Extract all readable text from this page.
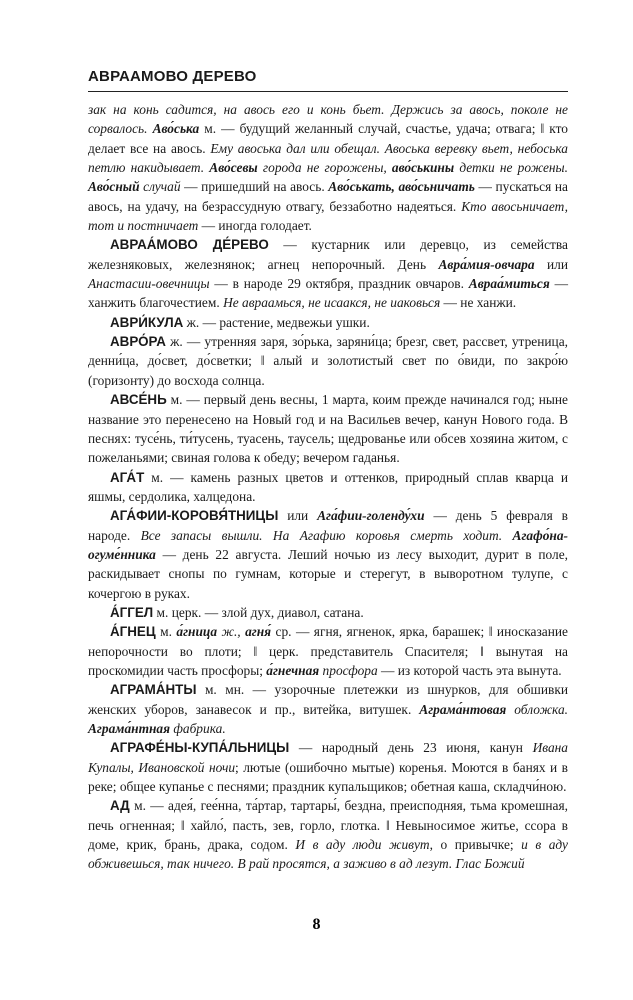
АВРААМОВО ДЕРЕВО

зак на конь садится, на авось его и конь бьет. Держись за авось, поколе не сорвалось. Аво́ська м. — будущий желанный случай, счастье, удача; отвага; ‖ кто делает все на авось. Ему авоська дал или обещал. Авоська веревку вьет, небоська петлю накидывает. Аво́севы города не горожены, аво́ськины детки не рожены. Аво́сный случай — пришедший на авось. Аво́ськать, аво́сьничать — пускаться на авось, на удачу, на безрассудную отвагу, беззаботно надеяться. Кто авосьничает, тот и постничает — иногда голодает.

АВРАА́МОВО ДЕ́РЕВО — кустарник или деревцо, из семейства железняковых, железнянок; агнец непорочный. День Авра́мия-овчара или Анастасии-овечницы — в народе 29 октября, праздник овчаров. Авраа́миться — ханжить благочестием. Не авраамься, не исаакся, не иаковься — не ханжи.

АВРИ́КУЛА ж. — растение, медвежьи ушки.

АВРО́РА ж. — утренняя заря, зо́рька, заряни́ца; брезг, свет, рассвет, утреница, денни́ца, до́свет, до́светки; ‖ алый и золотистый свет по о́види, по закро́ю (горизонту) до восхода солнца.

АВСЕ́НЬ м. — первый день весны, 1 марта, коим прежде начинался год; ныне название это перенесено на Новый год и на Васильев вечер, канун Нового года. В песнях: тусе́нь, ти́тусень, туасень, таусель; щедрованье или обсев хозяина житом, с пожеланьями; свиная голова к обеду; вечером гаданья.

АГА́Т м. — камень разных цветов и оттенков, природный сплав кварца и яшмы, сердолика, халцедона.

АГА́ФИИ-КОРОВЯ́ТНИЦЫ или Ага́фии-голенду́хи — день 5 февраля в народе. Все запасы вышли. На Агафию коровья смерть ходит. Агафо́на-огуме́нника — день 22 августа. Леший ночью из лесу выходит, дурит в поле, раскидывает снопы по гумнам, которые и стерегут, в выворотном тулупе, с кочергою в руках.

А́ГГЕЛ м. церк. — злой дух, диавол, сатана.

А́ГНЕЦ м. а́гница ж., агня́ ср. — ягня, ягненок, ярка, барашек; ‖ иносказание непорочности во плоти; ‖ церк. представитель Спасителя; ‖ вынутая на проскомидии часть просфоры; а́гнечная просфора — из которой часть эта вынута.

АГРАМА́НТЫ м. мн. — узорочные плетежки из шнурков, для обшивки женских уборов, занавесок и пр., витейка, витушек. Аграма́нтовая обложка. Аграма́нтная фабрика.

АГРАФЕ́НЫ-КУПА́ЛЬНИЦЫ — народный день 23 июня, канун Ивана Купалы, Ивановской ночи; лютые (ошибочно мытые) коренья. Моются в банях и в реке; общее купанье с песнями; праздник купальщиков; обетная каша, складчи́ною.

АД м. — адея́, гее́нна, та́ртар, тартары́, бездна, преисподняя, тьма кромешная, печь огненная; ‖ хайло́, пасть, зев, горло, глотка. ‖ Невыносимое житье, ссора в доме, крик, брань, драка, содом. И в аду люди живут, о привычке; и в аду обживешься, так ничего. В рай просятся, а заживо в ад лезут. Глас Божий

8
